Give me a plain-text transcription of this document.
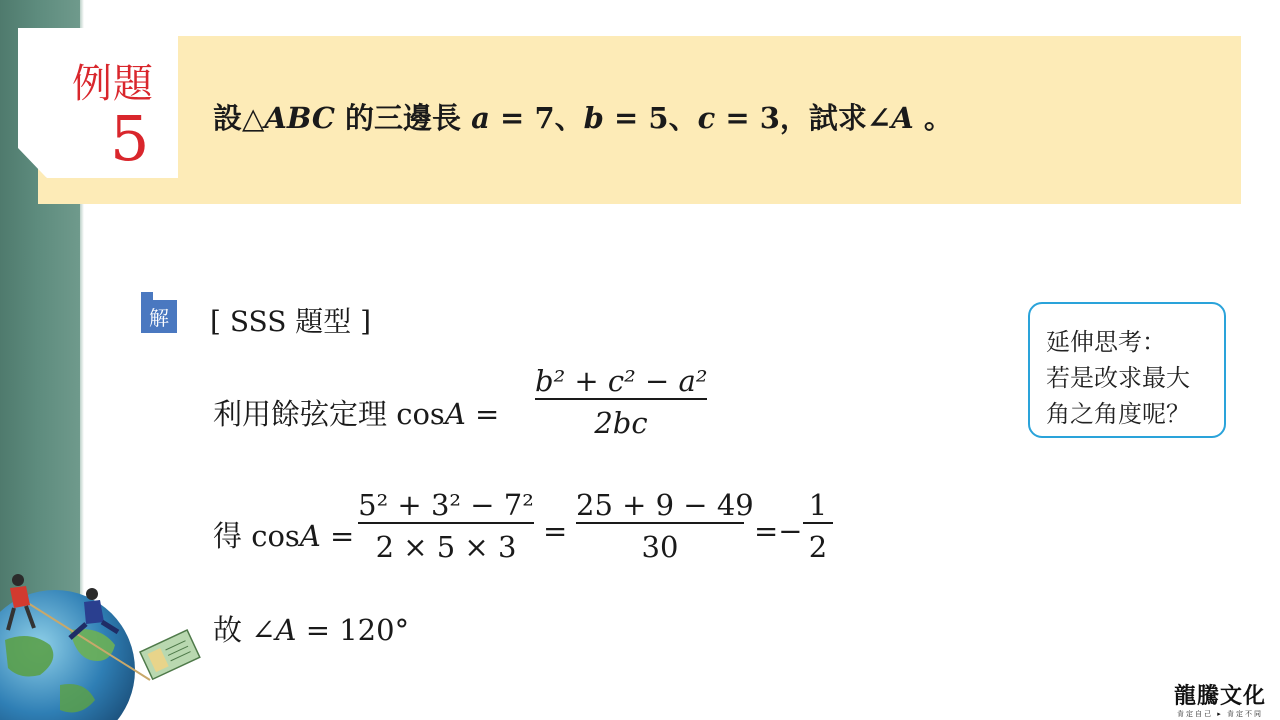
例題
5 設△ABC 的三邊長 a = 7、b = 5、c = 3，試求∠A 。
解 [ SSS 題型 ]
利用餘弦定理 $\cos A = \frac{\text{b² + c² − a²}}{2bc}$
得 $\cos A = \frac{\text{5² + 3² − 7²}}{2 \times 5 \times 3} = \frac{25 + 9 - 49}{30} =- \frac{1}{2}$
故 ∠A = 120°
延伸思考：
若是改求最大
角之角度呢？
龍騰文化
肯定自己 ▸ 肯定不同
